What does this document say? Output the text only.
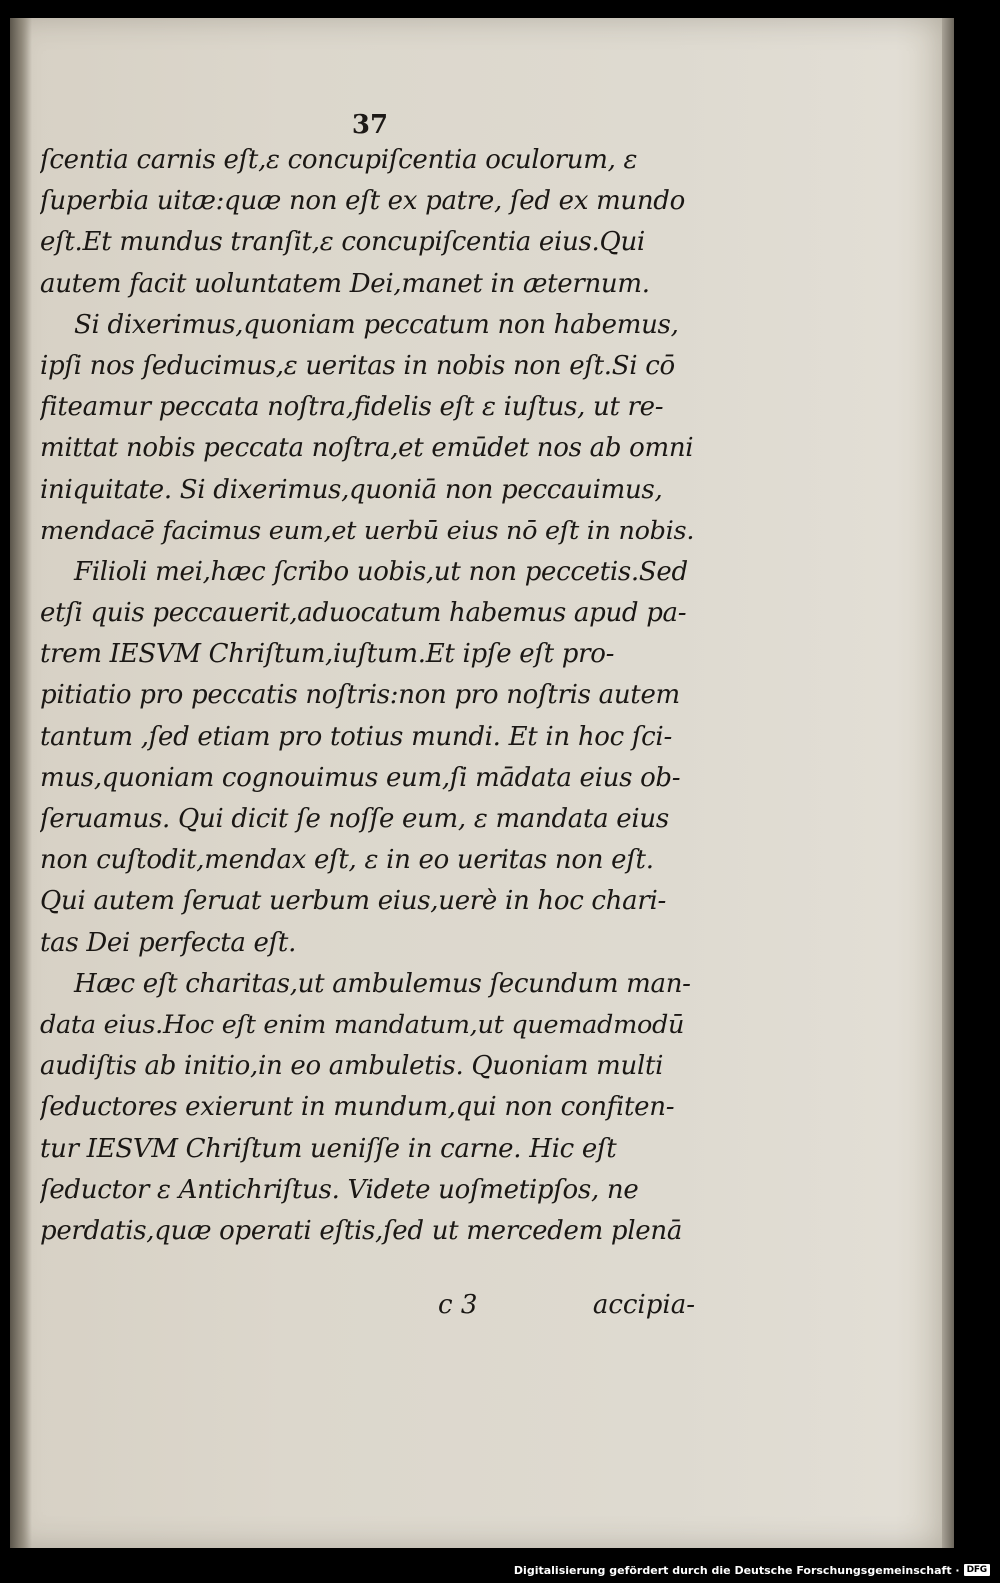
37
ſcentia carnis eſt,ɛ concupiſcentia oculorum, ɛ
ſuperbia uitæ:quæ non eſt ex patre, ſed ex mundo
eſt.Et mundus tranſit,ɛ concupiſcentia eius.Qui
autem facit uoluntatem Dei,manet in æternum.
Si dixerimus,quoniam peccatum non habemus,
ipſi nos ſeducimus,ɛ ueritas in nobis non eſt.Si cō
fiteamur peccata noſtra,fidelis eſt ɛ iuſtus, ut re-
mittat nobis peccata noſtra,et emūdet nos ab omni
iniquitate. Si dixerimus,quoniā non peccauimus,
mendacē facimus eum,et uerbū eius nō eſt in nobis.
Filioli mei,hæc ſcribo uobis,ut non peccetis.Sed
etſi quis peccauerit,aduocatum habemus apud pa-
trem IESVM Chriſtum,iuſtum.Et ipſe eſt pro-
pitiatio pro peccatis noſtris:non pro noſtris autem
tantum ,ſed etiam pro totius mundi. Et in hoc ſci-
mus,quoniam cognouimus eum,ſi mādata eius ob-
ſeruamus. Qui dicit ſe noſſe eum, ɛ mandata eius
non cuſtodit,mendax eſt, ɛ in eo ueritas non eſt.
Qui autem ſeruat uerbum eius,uerè in hoc chari-
tas Dei perfecta eſt.
Hæc eſt charitas,ut ambulemus ſecundum man-
data eius.Hoc eſt enim mandatum,ut quemadmodū
audiſtis ab initio,in eo ambuletis. Quoniam multi
ſeductores exierunt in mundum,qui non confiten-
tur IESVM Chriſtum ueniſſe in carne. Hic eſt
ſeductor ɛ Antichriſtus. Videte uoſmetipſos, ne
perdatis,quæ operati eſtis,ſed ut mercedem plenā
c 3	accipia-
Digitalisierung gefördert durch die Deutsche Forschungsgemeinschaft · DFG
